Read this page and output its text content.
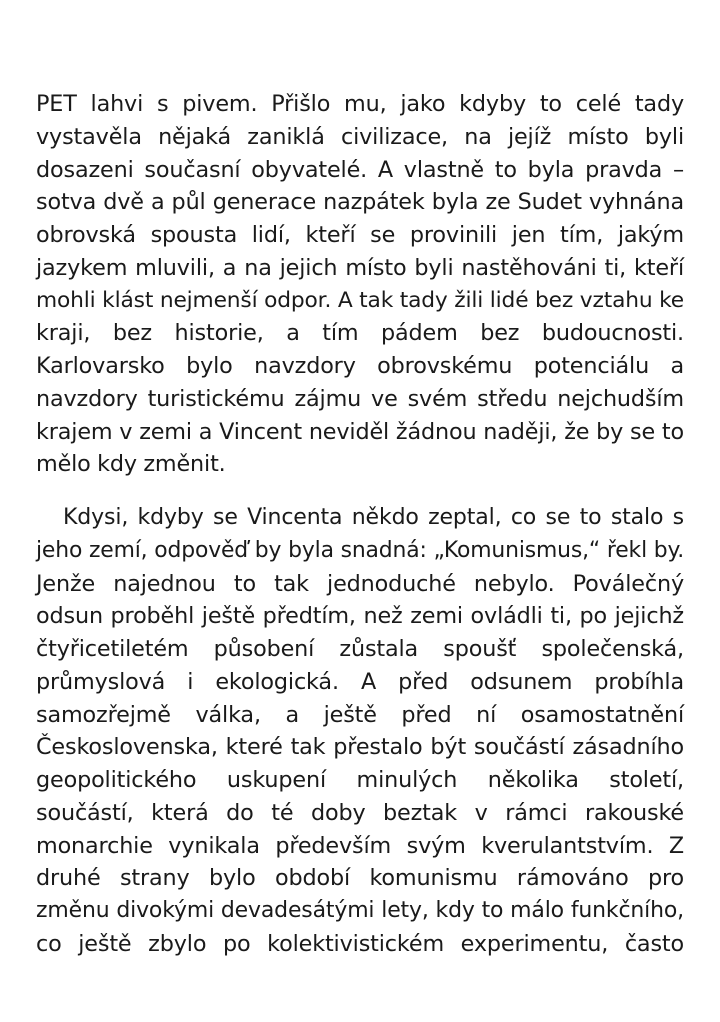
PET lahvi s pivem. Přišlo mu, jako kdyby to celé tady
vystavěla nějaká zaniklá civilizace, na jejíž místo byli
dosazeni současní obyvatelé. A vlastně to byla pravda –
sotva dvě a půl generace nazpátek byla ze Sudet vyhnána
obrovská spousta lidí, kteří se provinili jen tím, jakým
jazykem mluvili, a na jejich místo byli nastěhováni ti, kteří
mohli klást nejmenší odpor. A tak tady žili lidé bez vztahu ke
kraji, bez historie, a tím pádem bez budoucnosti.
Karlovarsko bylo navzdory obrovskému potenciálu a
navzdory turistickému zájmu ve svém středu nejchudším
krajem v zemi a Vincent neviděl žádnou naději, že by se to
mělo kdy změnit.
Kdysi, kdyby se Vincenta někdo zeptal, co se to stalo s
jeho zemí, odpověď by byla snadná: „Komunismus,“ řekl by.
Jenže najednou to tak jednoduché nebylo. Poválečný
odsun proběhl ještě předtím, než zemi ovládli ti, po jejichž
čtyřicetiletém působení zůstala spoušť společenská,
průmyslová i ekologická. A před odsunem probíhla
samozřejmě válka, a ještě před ní osamostatnění
Československa, které tak přestalo být součástí zásadního
geopolitického uskupení minulých několika století,
součástí, která do té doby beztak v rámci rakouské
monarchie vynikala především svým kverulantstvím. Z
druhé strany bylo období komunismu rámováno pro
změnu divokými devadesátými lety, kdy to málo funkčního,
co ještě zbylo po kolektivistickém experimentu, často
